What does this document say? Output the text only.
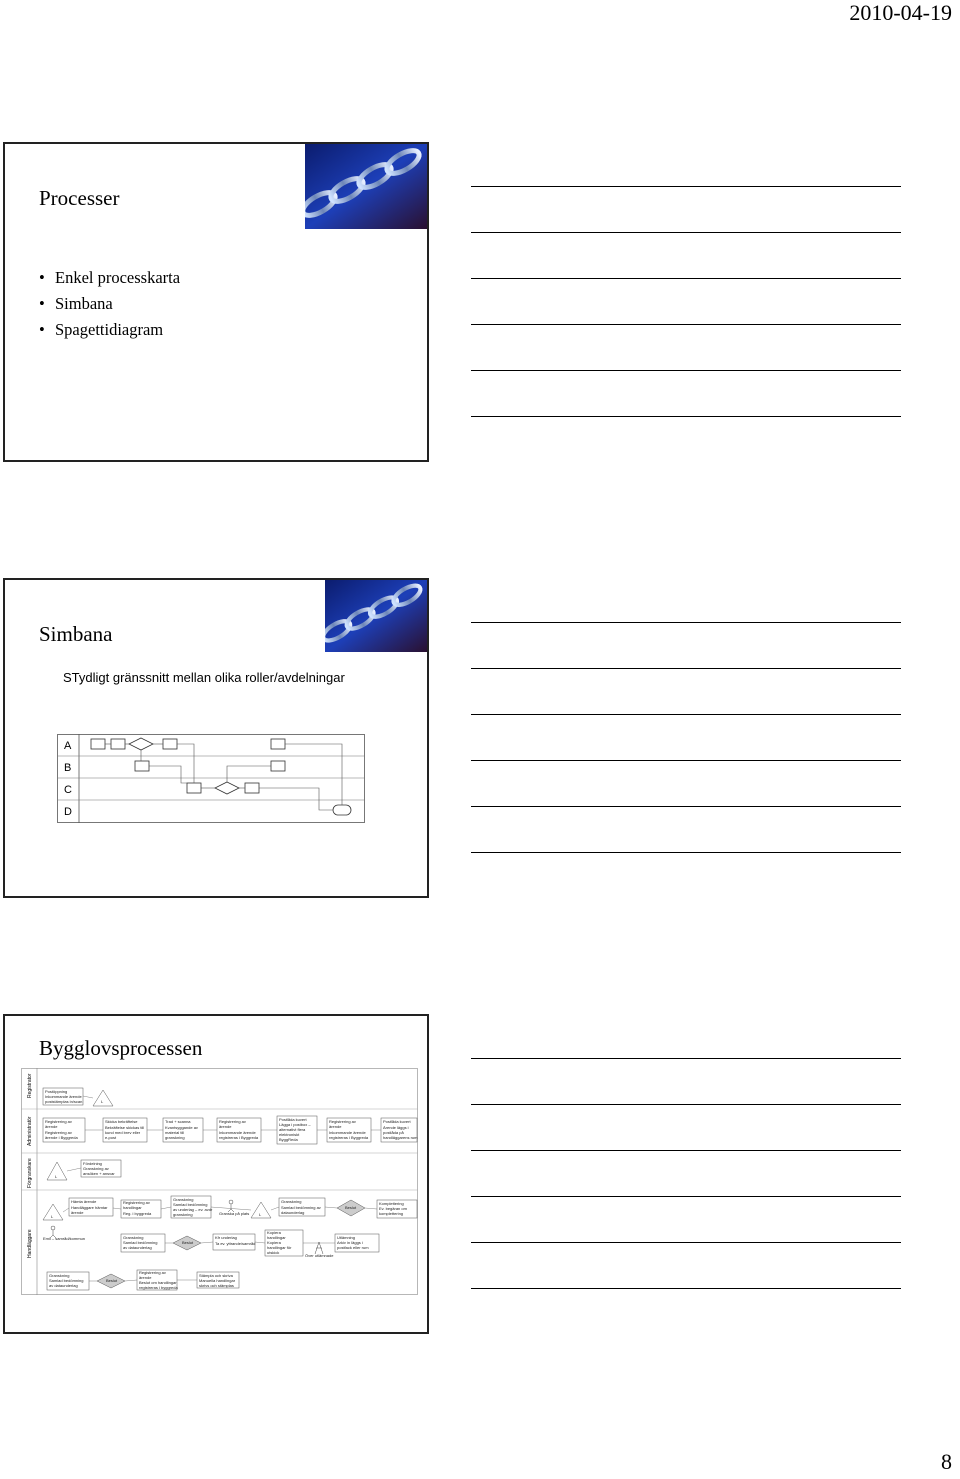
2010-04-19
Processer
• Enkel processkarta
• Simbana
• Spagettidiagram
Simbana
STydligt gränssnitt mellan olika roller/avdelningar
A
B
C
D
Bygglovsprocessen
Registrator
Administratör
Förgranskare
Handläggare
Postöppning
Inkommande ärende
poststämplas in/scan	L
Registrering av
ärende
Registrering av
ärende i Byggreda
Skicka bekräftelse
Bekräftelse skickas till
kund med brev eller
e-post
Trad + scanna
Kvantsyggande av
material till
granskning
Registrering av
ärende
Inkommande ärende
registreras i Byggreda
Postlåda kuvert
Lägga i postbox –
alternativt flera
elektroniskt
ByggReda
Registrering av
ärende
Inkommande ärende
registreras i Byggreda
Postlåda kuvert
Ärende läggs i
postlåda på
handläggarens rum
L
Fördelning
Granskning av
ansöken + ansvar
L
Hämta ärende
Handläggare hämtar
ärende
Registrering av
handlingar
Reg. i byggreda
Granskning
Samlad bedömning
av underlag – ev. avdr
granskning	Granska på plats L
Granskning
Samlad bedömning av
dataunderlag
Beslut
Komplettering
Ev. begäran om
komplettering
Emil – samråd/kommun	Granskning
Samlad bedömning
av dataunderlag
Beslut
Kfr underlag
Ta ev. yttrande/samråd
Kopiera
handlingar
Kopiera
handlingar för
utskick
Över utlämnade
Utlämning
Arkiv in läggs i
postfack eller rum
Granskning
Samlad bedömning
av dataunderlag
Beslut
Registrering av
ärende
Beslut om handlingar
registreras i byggreda
Stämpla och skriva
Manuella handlingar
skrivs och stämplas
8
